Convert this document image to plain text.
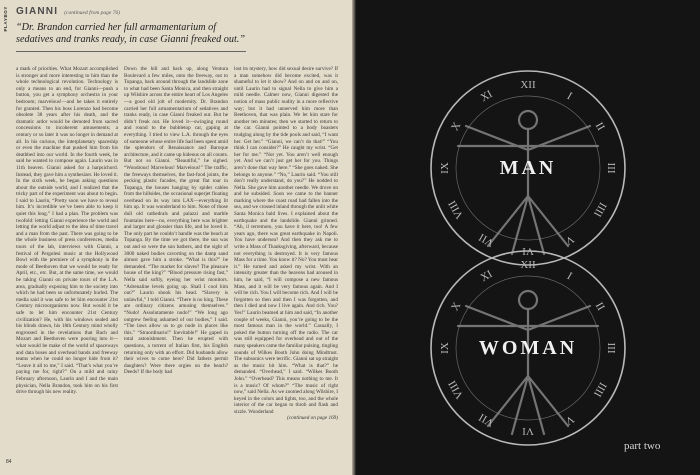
PLAYBOY GIANNI (continued from page 76)
“Dr. Brandon carried her full armamentarium of sedatives and tranks ready, in case Gianni freaked out.”

a mark of priorities. What Mozart accomplished is stronger and more interesting to him than the whole technological revolution. Technology is only a means to an end, for Gianni—push a button, you get a symphony orchestra in your bedroom; marvelous!—and he takes it entirely for granted. Then his boss Lorenzo had become obsolete 38 years after his death, and the dramatic ardor would be demoted from sacred concessions to incoherent amusements; a century or so later it was no longer in demand at all. In his curious, the interplanetary spaceship or even the machine that pushed him from his deathbed into our world. In the fourth week, he said he wanted to compose again. Laurin was in 11th heaven. Gianni asked for a harpsichord. Instead, they gave him a synthesizer. He loved it. In the sixth week, he began asking questions about the outside world, and I realized that the tricky part of the experiment was about to begin. I said to Laurin, “Pretty soon we have to reveal him. It’s incredible we’ve been able to keep it quiet this long.” I had a plan. The problem was twofold: letting Gianni experience the world and letting the world adjust to the idea of time travel and a man from the past. There was going to be the whole business of press conferences, media tours of the lab, interviews with Gianni, a festival of Pergolesi music at the Hollywood Bowl with the premiere of a symphony in the mode of Beethoven that we would be ready for April, etc., etc. But, at the same time, we would be taking Gianni on private tours of the L.A. area, gradually exposing him to the society into which he had been so unfortunately hurled. The media said it was safe to let him encounter 21st Century microorganisms now. But would it be safe to let him encounter 21st Century civilization? He, with his windows sealed and his blinds drawn, his 18th Century mind wholly engrossed in the revelations that Bach and Mozart and Beethoven were pouring into it—what would be make of the world of spaceways and data buses and overhead bands and freeway teams when he could no longer hide from it? “Leave it all to me,” I said. “That’s what you’re paying me for, right?” On a mild and rainy February afternoon, Laurin and I and the main physician, Nella Brandon, took him on his first drive through his new reality.

Down the hill and back up, along Ventura Boulevard a few miles, onto the freeway, out to Topanga, back around through the landslide zone to what had been Santa Monica, and then straight up Wilshire across the entire heart of Los Angeles—a good old jolt of modernity. Dr. Brandon carried her full armamentarium of sedatives and tranks ready, in case Gianni freaked out. But he didn’t freak out. He loved it—swinging round and round to the bubbletop car, gaping at everything. I tried to view L.A. through the eyes of someone whose entire life had been spent amid the splendors of Renaissance and Baroque architecture, and it came up hideous on all counts. But not so Gianni. “Beautiful,” he sighed. “Wondrous! Marvelous! Marvelous!” The traffic, the freeways themselves, the fast-food joints, the pecking plastic facades, the great flat roar in Topanga, the houses hanging by spider cables from the hillsides, the occasional superjet floating overhead on its way into LAX—everything lit him up. It was wonderland to him. None of those dull old cathedrals and palazzi and marble fountains here—no, everything here was brighter and larger and glossier than life, and he loved it. The only part he couldn’t handle was the beach at Topanga. By the time we got there, the sun was out and so were the sun bathers, and the sight of 3000 naked bodies cavorting on the damp sand almost gave him a stroke. “What is this?” he demanded. “The market for slaves? The pleasure house of the king?” “Blood pressure rising fast,” Nella said softly, eyeing her wrist monitors. “Adrenaline levels going up. Shall I cool him out?” Laurin shook his head. “Slavery is unlawful,” I told Gianni. “There is no king. These are ordinary citizens amusing themselves.” “Nudo! Assolutamente nudo!” “We long ago outgrew feeling ashamed of our bodies,” I said. “The laws allow us to go nude in places like this.” “Straordinario!” Inevitable!” He gaped in total astonishment. Then he erupted with questions, a torrent of Italian first, his English returning only with an effort. Did husbands allow their wives to come here? Did fathers permit daughters? Were there orgies on the beach? Deeds? If the body had

lost its mystery, how did sexual desire survive? If a man somehow did become excited, was it shameful to let it show? And on and on and on, until Laurin had to signal Nella to give him a mild needle. Calmer now, Gianni digested the notion of mass public nudity in a more reflective way; but it had unnerved him more than Beethoven, that was plain. We let him stare for another ten minutes; then we started to return to the car. Gianni pointed to a body boasters trudging along by the tide pools and said, “I want her. Get her.” “Gianni, we can’t do that!” “You think I can consider?” He caught my wrist. “Get her for me.” “Not yet. You aren’t well enough yet. And we can’t just get her for you. Things aren’t done that way here.” “She goes naked. She belongs to anyone.” “No,” Laurin said. “You still don’t really understand, do you?” He nodded to Nella. She gave him another needle. We drove on and he subsided. Soon we came to the banner marking where the coast road had fallen into the sea, and we crossed inland through the unlit white Santa Monica bald lives. I explained about the earthquake and the landslide. Gianni grinned. “Ah, il terremoto, you have it here, too! A few years ago, there was great earthquake in Napoli. You have undersea? And then they ask me to write a Mass of Thanksgiving, afterward, because not everything is destroyed. It is very famous Mass for a time. You know it? No? You must hear it.” He turned and asked my wrist. With an intensity greater than the heavens had aroused in him, he said, “I will compose a new famous Mass, and it will be very famous again. And I will be rich. You I will become rich. And I will be forgotten so then and then I was forgotten, and then I died and now I live again. And rich. You? Yes!” Laurin beamed at him and said, “In another couple of weeks, Gianni, you’re going to be the most famous man in the world.” Casually, I poked the button turning off the radio. The car was still equipped for overhead and out of the many speakers came the familiar pulsing, tingling sounds of Wilkes Booth John doing Mindtrust. The subsonics were terrific. Gianni sat up straight as the music hit him. “What is that?” he demanded. “Overhead,” I said. “Wilkes Booth John.” “Overhead? This means nothing to me. It is a music? Of whom?” “The music of right now,” said Nella. As we zoomed along Wilshire, I keyed in the colors and lights, too, and the whole interior of the car began to throb and flash and sizzle. Wonderland

(continued on page 169)

84
XII
I
II
III
IIII
V
VI
VII
VIII
IX
X
XI
XII
I
II
III
IIII
V
VI
VII
VIII
IX
X
XI
MAN
WOMAN
part two
